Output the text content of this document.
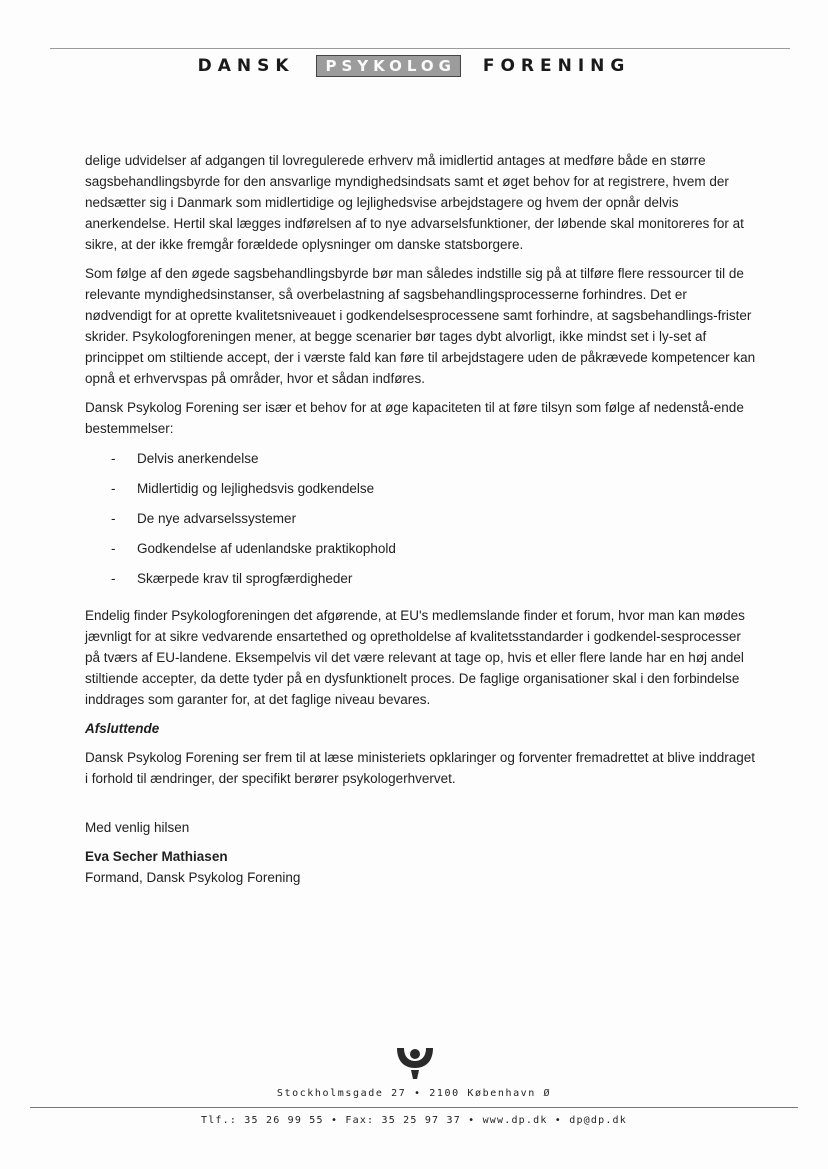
DANSK PSYKOLOG FORENING

delige udvidelser af adgangen til lovregulerede erhverv må imidlertid antages at medføre både en større sagsbehandlingsbyrde for den ansvarlige myndighedsindsats samt et øget behov for at registrere, hvem der nedsætter sig i Danmark som midlertidige og lejlighedsvise arbejdstagere og hvem der opnår delvis anerkendelse. Hertil skal lægges indførelsen af to nye advarselsfunktioner, der løbende skal monitoreres for at sikre, at der ikke fremgår forældede oplysninger om danske statsborgere.

Som følge af den øgede sagsbehandlingsbyrde bør man således indstille sig på at tilføre flere ressourcer til de relevante myndighedsinstanser, så overbelastning af sagsbehandlingsprocesserne forhindres. Det er nødvendigt for at oprette kvalitetsniveauet i godkendelsesprocessene samt forhindre, at sagsbehandlings-frister skrider. Psykologforeningen mener, at begge scenarier bør tages dybt alvorligt, ikke mindst set i ly-set af princippet om stiltiende accept, der i værste fald kan føre til arbejdstagere uden de påkrævede kompetencer kan opnå et erhvervspas på områder, hvor et sådan indføres.

Dansk Psykolog Forening ser især et behov for at øge kapaciteten til at føre tilsyn som følge af nedenstå-ende bestemmelser:

- Delvis anerkendelse
- Midlertidig og lejlighedsvis godkendelse
- De nye advarselssystemer
- Godkendelse af udenlandske praktikophold
- Skærpede krav til sprogfærdigheder

Endelig finder Psykologforeningen det afgørende, at EU's medlemslande finder et forum, hvor man kan mødes jævnligt for at sikre vedvarende ensartethed og opretholdelse af kvalitetsstandarder i godkendel-sesprocesser på tværs af EU-landene. Eksempelvis vil det være relevant at tage op, hvis et eller flere lande har en høj andel stiltiende accepter, da dette tyder på en dysfunktionelt proces. De faglige organisationer skal i den forbindelse inddrages som garanter for, at det faglige niveau bevares.

Afsluttende

Dansk Psykolog Forening ser frem til at læse ministeriets opklaringer og forventer fremadrettet at blive inddraget i forhold til ændringer, der specifikt berører psykologerhvervet.

Med venlig hilsen

Eva Secher Mathiasen

Formand, Dansk Psykolog Forening

Stockholmsgade 27 • 2100 København Ø
Tlf.: 35 26 99 55 • Fax: 35 25 97 37 • www.dp.dk • dp@dp.dk
